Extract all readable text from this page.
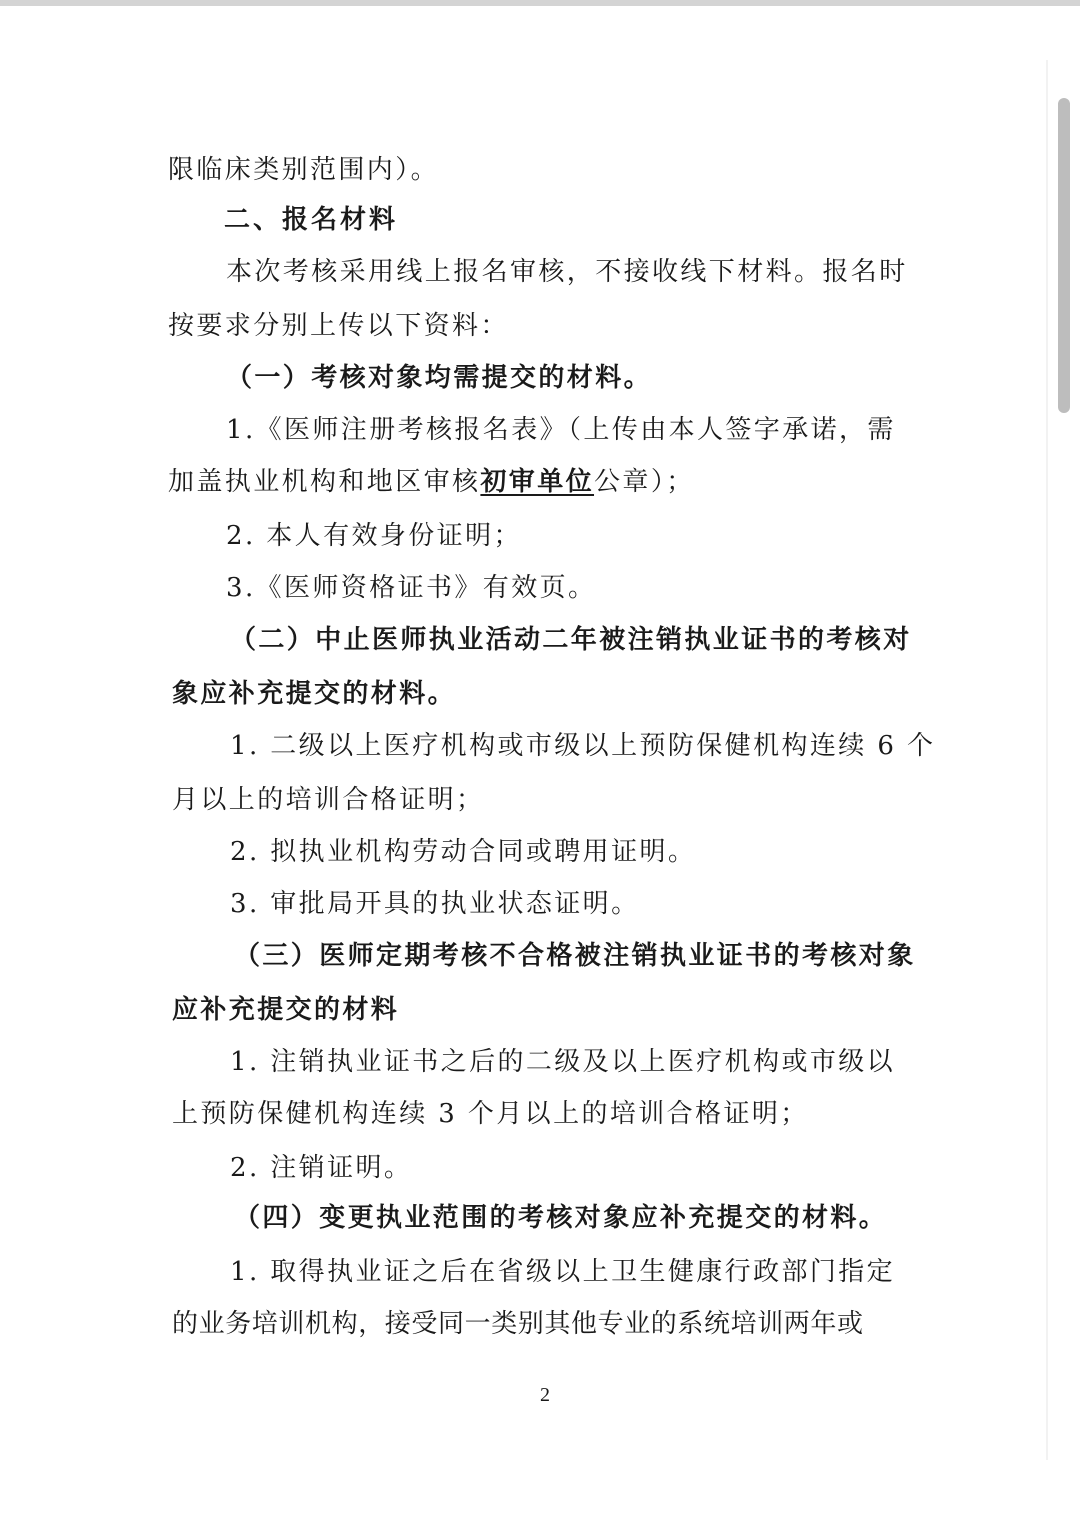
限临床类别范围内）。

二、报名材料

本次考核采用线上报名审核，不接收线下材料。报名时

按要求分别上传以下资料：

（一）考核对象均需提交的材料。

1.《医师注册考核报名表》（上传由本人签字承诺，需

加盖执业机构和地区审核初审单位公章）；

2. 本人有效身份证明；

3.《医师资格证书》有效页。

（二）中止医师执业活动二年被注销执业证书的考核对

象应补充提交的材料。

1. 二级以上医疗机构或市级以上预防保健机构连续 6 个

月以上的培训合格证明；

2. 拟执业机构劳动合同或聘用证明。

3. 审批局开具的执业状态证明。

（三）医师定期考核不合格被注销执业证书的考核对象

应补充提交的材料

1. 注销执业证书之后的二级及以上医疗机构或市级以

上预防保健机构连续 3 个月以上的培训合格证明；

2. 注销证明。

（四）变更执业范围的考核对象应补充提交的材料。

1. 取得执业证之后在省级以上卫生健康行政部门指定

的业务培训机构，接受同一类别其他专业的系统培训两年或

2
